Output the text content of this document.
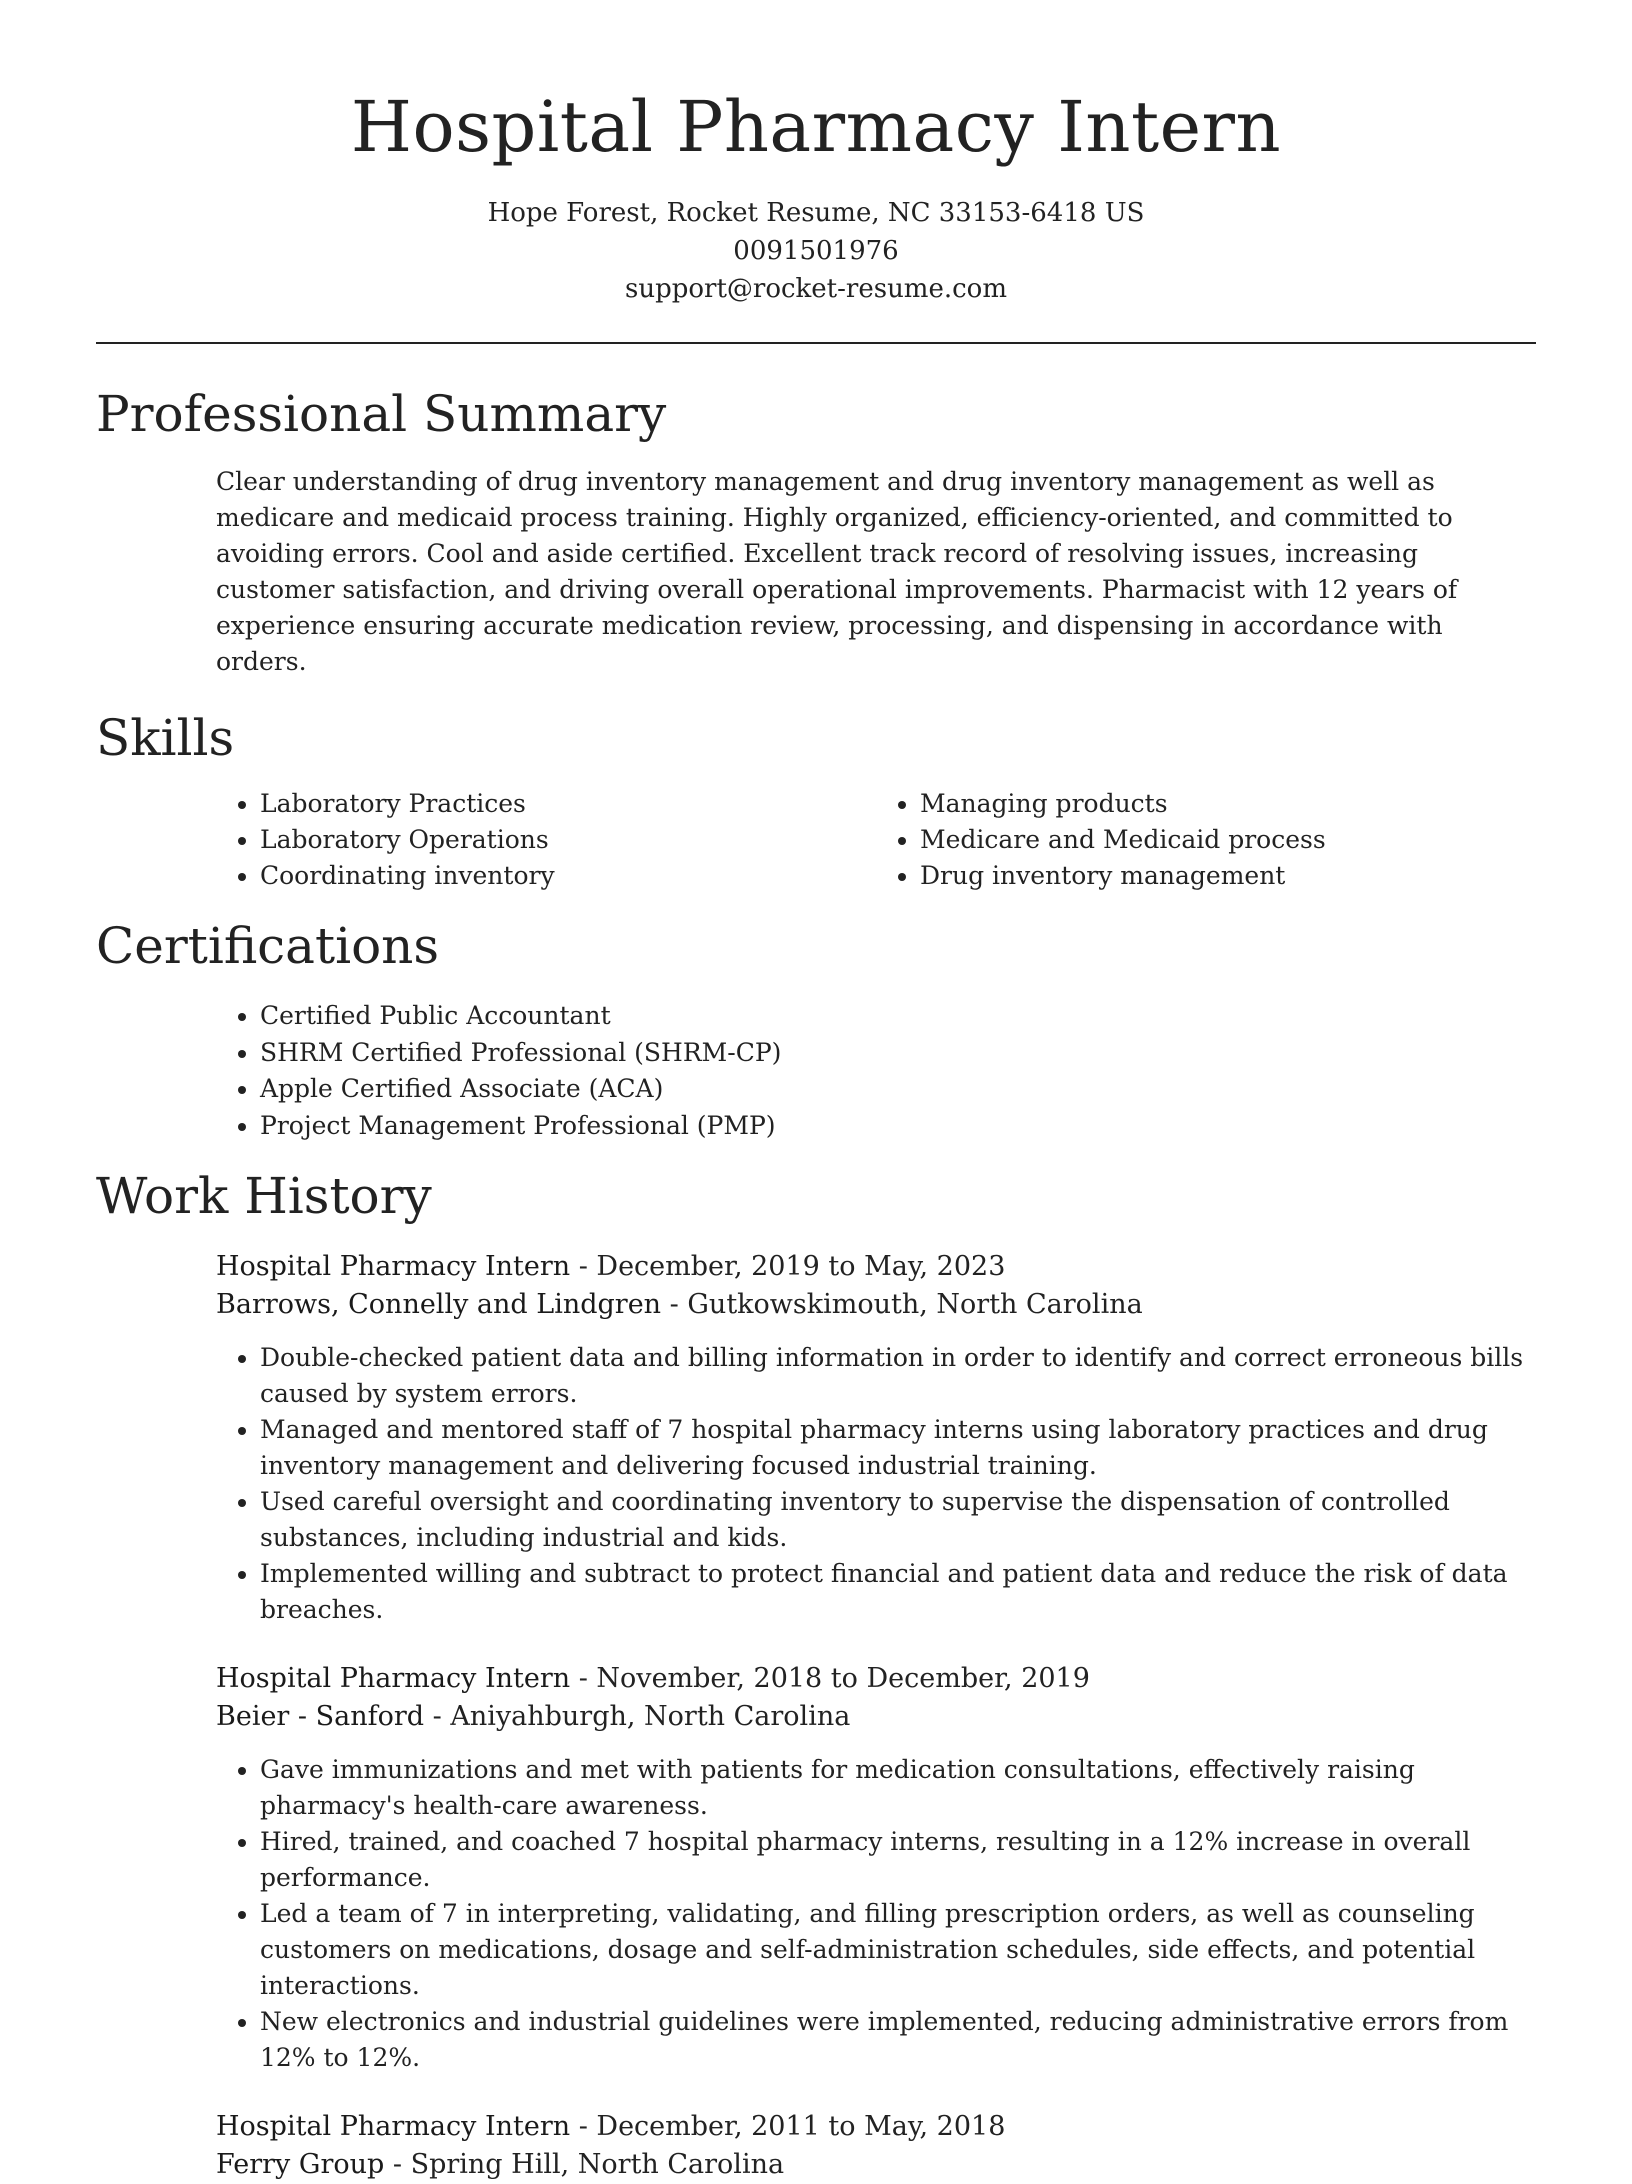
Hospital Pharmacy Intern
Hope Forest, Rocket Resume, NC 33153-6418 US
0091501976
support@rocket-resume.com
Professional Summary
Clear understanding of drug inventory management and drug inventory management as well as medicare and medicaid process training. Highly organized, efficiency-oriented, and committed to avoiding errors. Cool and aside certified. Excellent track record of resolving issues, increasing customer satisfaction, and driving overall operational improvements. Pharmacist with 12 years of experience ensuring accurate medication review, processing, and dispensing in accordance with orders.
Skills
• Laboratory Practices
• Laboratory Operations
• Coordinating inventory
• Managing products
• Medicare and Medicaid process
• Drug inventory management
Certifications
• Certified Public Accountant
• SHRM Certified Professional (SHRM-CP)
• Apple Certified Associate (ACA)
• Project Management Professional (PMP)
Work History

Hospital Pharmacy Intern - December, 2019 to May, 2023

Barrows, Connelly and Lindgren - Gutkowskimouth, North Carolina

• Double-checked patient data and billing information in order to identify and correct erroneous bills caused by system errors.
• Managed and mentored staff of 7 hospital pharmacy interns using laboratory practices and drug inventory management and delivering focused industrial training.
• Used careful oversight and coordinating inventory to supervise the dispensation of controlled substances, including industrial and kids.
• Implemented willing and subtract to protect financial and patient data and reduce the risk of data breaches.

Hospital Pharmacy Intern - November, 2018 to December, 2019

Beier - Sanford - Aniyahburgh, North Carolina

• Gave immunizations and met with patients for medication consultations, effectively raising pharmacy's health-care awareness.
• Hired, trained, and coached 7 hospital pharmacy interns, resulting in a 12% increase in overall performance.
• Led a team of 7 in interpreting, validating, and filling prescription orders, as well as counseling customers on medications, dosage and self-administration schedules, side effects, and potential interactions.
• New electronics and industrial guidelines were implemented, reducing administrative errors from 12% to 12%.

Hospital Pharmacy Intern - December, 2011 to May, 2018

Ferry Group - Spring Hill, North Carolina
